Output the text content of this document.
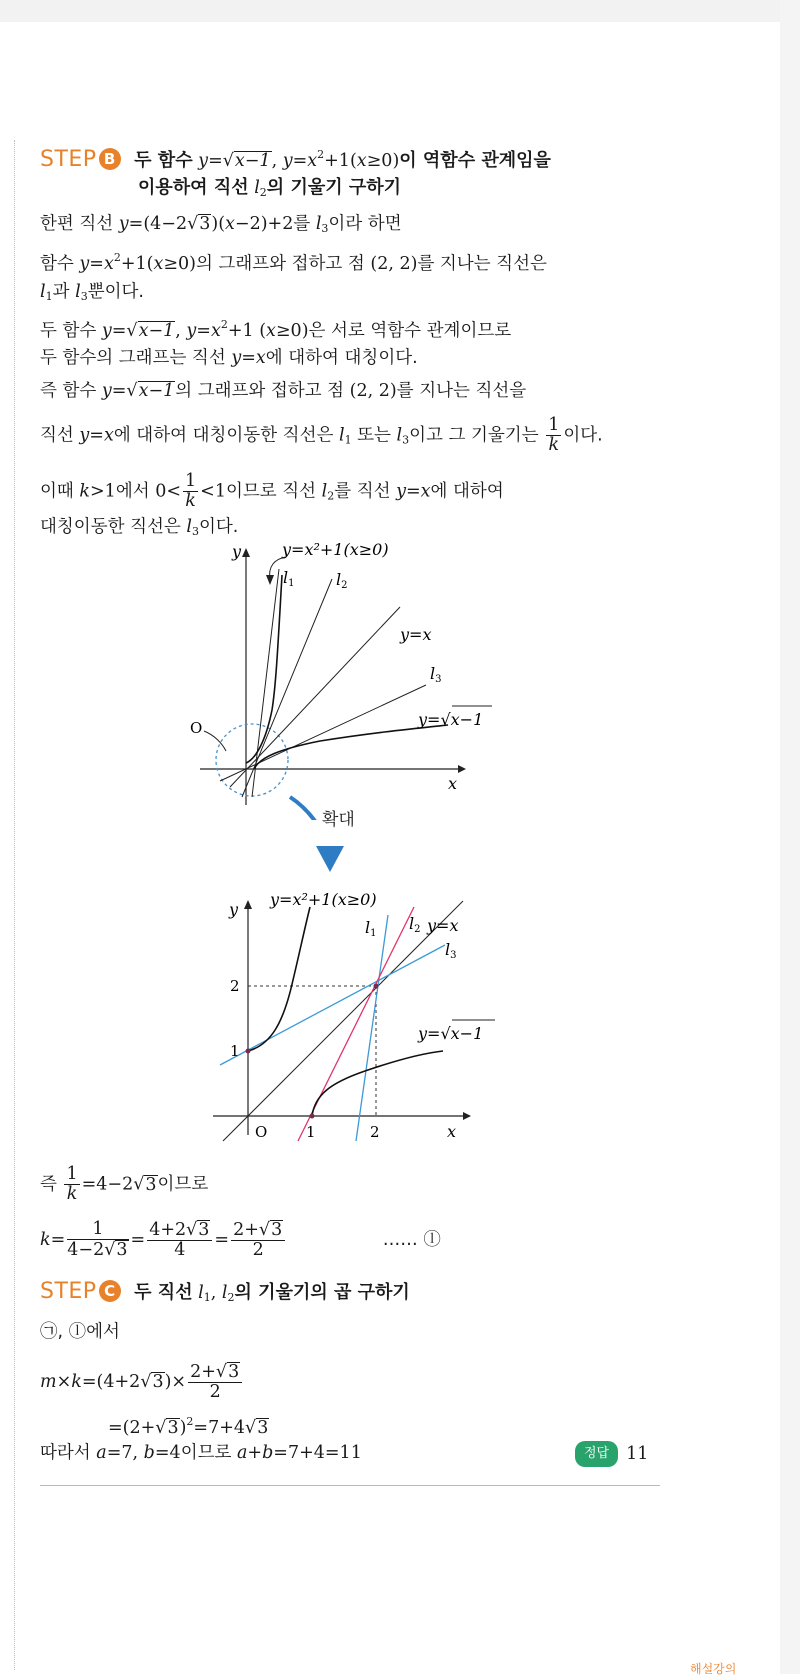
STEP B 두 함수 y=√x−1, $y=x^2+1(x\ge 0)$이 역함수 관계임을
이용하여 직선 $l_2$의 기울기 구하기
한편 직선 y=(4−2√3)(x−2)+2를 $l_3$이라 하면
함수 $y=x^2+1(x\ge 0)$의 그래프와 접하고 점 (2, 2)를 지나는 직선은
$l_1$과 $l_3$뿐이다.
두 함수 y=√x−1, $y=x^2+1$ (x≥0)은 서로 역함수 관계이므로
두 함수의 그래프는 직선 y=x에 대하여 대칭이다.
즉 함수 y=√x−1의 그래프와 접하고 점 (2, 2)를 지나는 직선을
직선 y=x에 대하여 대칭이동한 직선은 $l_1$ 또는 $l_3$이고 그 기울기는 $\frac{1}{k}$ 이다.
이때 k>1에서 $0< \frac{1}{k} <1$이므로 직선 $l_2$를 직선 y=x에 대하여
대칭이동한 직선은 $l_3$이다.
y
x
O
y=x²+1(x≥0)
l1	l2
y=x
l3
y=√x−1
확대
y
x
O	1	2
1
2
y=x²+1(x≥0)
l1
l2 y=x
l3
y=√x−1
즉 $\frac{1}{k} =4-2√3$이므로
$k= \frac{1}{4-2√3} = \frac{4+2√3}{4} = \frac{2+√3}{2}$	…… ⓛ
STEP C 두 직선 $l_1$, $l_2$의 기울기의 곱 구하기
㉠, ⓛ에서
$m\times k=(4+2√3)\times \frac{2+√3}{2}$
$=(2+√3)^2=7+4√3$
따라서 a=7, b=4이므로 a+b=7+4=11	정답 11
해설강의
